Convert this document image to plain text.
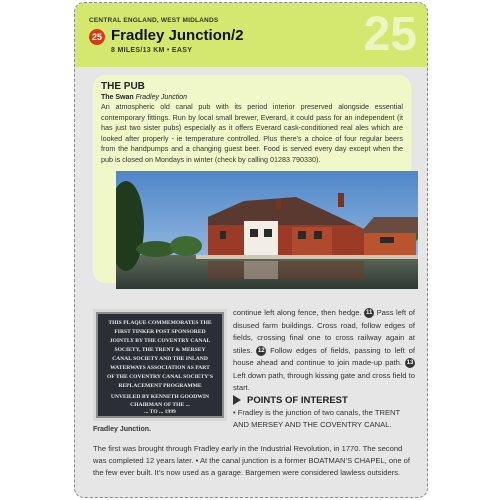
CENTRAL ENGLAND, WEST MIDLANDS
25 Fradley Junction/2
8 MILES/13 KM • EASY	25
THE PUB
The Swan Fradley Junction
An atmospheric old canal pub with its period interior preserved alongside essential contemporary fittings. Run by local small brewer, Everard, it could pass for an independent (it has just two sister pubs) especially as it offers Everard cask-conditioned real ales which are looked after properly - ie temperature controlled. Plus there’s a choice of four regular beers from the handpumps and a changing guest beer. Food is served every day except when the pub is closed on Mondays in winter (check by calling 01283 790330).
THIS PLAQUE COMMEMORATES THE
FIRST TINKER POST SPONSORED
JOINTLY BY THE COVENTRY CANAL
SOCIETY, THE TRENT & MERSEY
CANAL SOCIETY AND THE INLAND
WATERWAYS ASSOCIATION AS PART
OF THE COVENTRY CANAL SOCIETY'S
REPLACEMENT PROGRAMME
UNVEILED BY KENNETH GOODWIN
CHAIRMAN OF THE ...
... TO ... 1999
Fradley Junction.
continue left along fence, then hedge. 11 Pass left of disused farm buildings. Cross road, follow edges of fields, crossing final one to cross railway again at stiles. 12 Follow edges of fields, passing to left of house ahead and continue to join made-up path. 13 Left down path, through kissing gate and cross field to start.
POINTS OF INTEREST
• Fradley is the junction of two canals, the TRENT AND MERSEY AND THE COVENTRY CANAL.
The first was brought through Fradley early in the Industrial Revolution, in 1770. The second was completed 12 years later. • At the canal junction is a former BOATMAN’S CHAPEL, one of the few ever built. It’s now used as a garage. Bargemen were considered lawless outsiders.
